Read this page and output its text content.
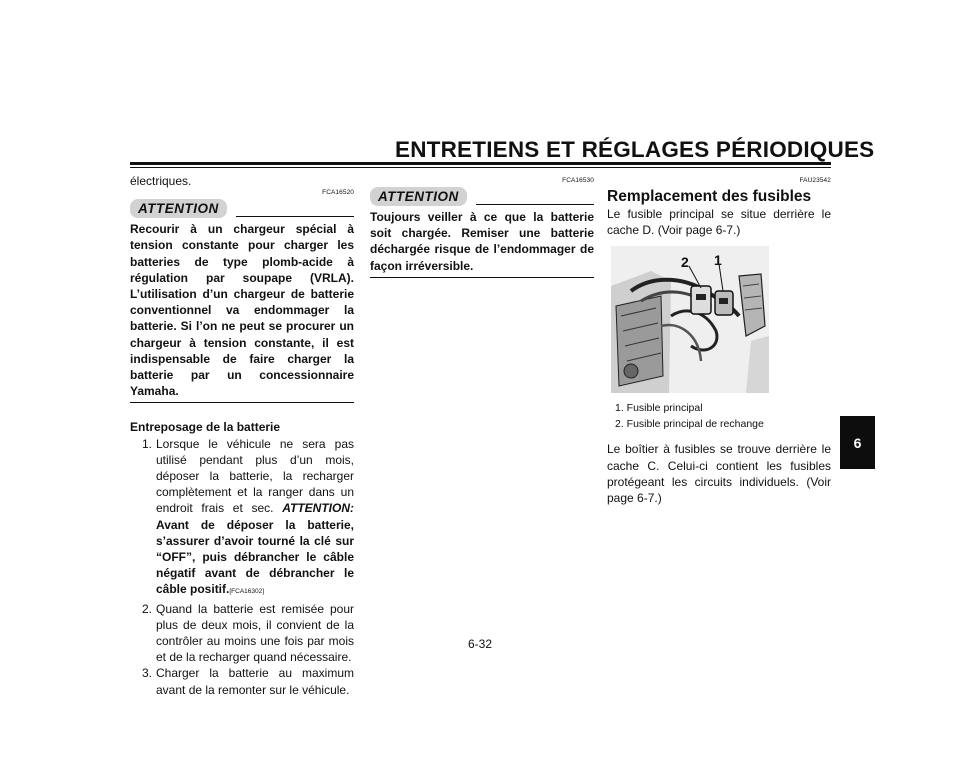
ENTRETIENS ET RÉGLAGES PÉRIODIQUES
6

électriques.

FCA16520
ATTENTION
Recourir à un chargeur spécial à tension constante pour charger les batteries de type plomb-acide à régulation par soupape (VRLA). L’utilisation d’un chargeur de batterie conventionnel va endommager la batterie. Si l’on ne peut se procurer un chargeur à tension constante, il est indispensable de faire charger la batterie par un concessionnaire Yamaha.
Entreposage de la batterie
1. Lorsque le véhicule ne sera pas utilisé pendant plus d’un mois, déposer la batterie, la recharger complètement et la ranger dans un endroit frais et sec. ATTENTION: Avant de déposer la batterie, s’assurer d’avoir tourné la clé sur “OFF”, puis débrancher le câble négatif avant de débrancher le câble positif.[FCA16302]
2. Quand la batterie est remisée pour plus de deux mois, il convient de la contrôler au moins une fois par mois et de la recharger quand nécessaire.
3. Charger la batterie au maximum avant de la remonter sur le véhicule.
FCA16530
ATTENTION
Toujours veiller à ce que la batterie soit chargée. Remiser une batterie déchargée risque de l’endommager de façon irréversible.
FAU23542
Remplacement des fusibles

Le fusible principal se situe derrière le cache D. (Voir page 6-7.)

2 1
1. Fusible principal
2. Fusible principal de rechange

Le boîtier à fusibles se trouve derrière le cache C. Celui-ci contient les fusibles protégeant les circuits individuels. (Voir page 6-7.)

6-32
